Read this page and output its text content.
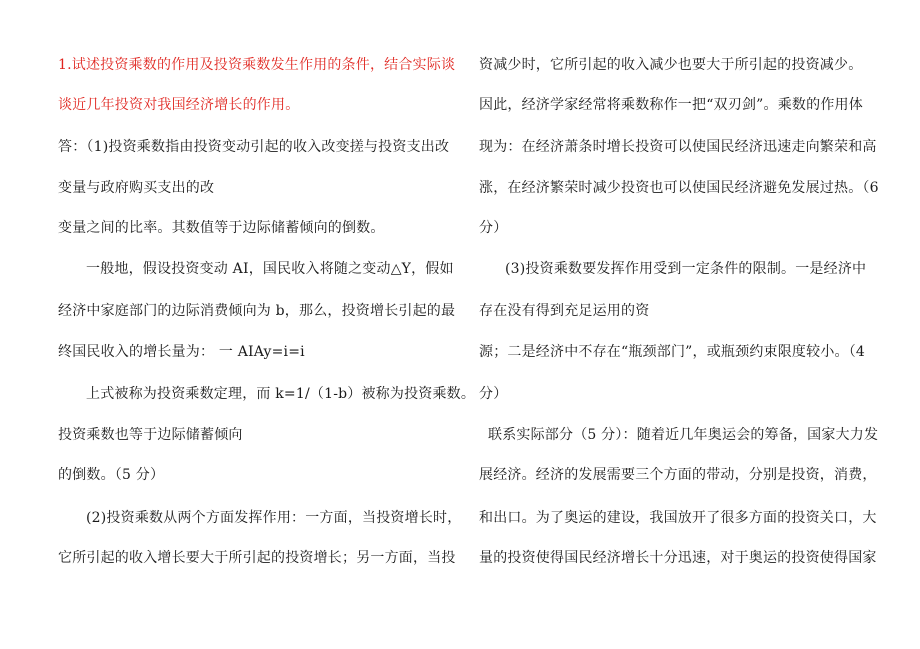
1.试述投资乘数的作用及投资乘数发生作用的条件，结合实际谈
谈近几年投资对我国经济增长的作用。
答：（1)投资乘数指由投资变动引起的收入改变搓与投资支出改
变量与政府购买支出的改
变量之间的比率。其数值等于边际储蓄倾向的倒数。
一般地，假设投资变动 AI，国民收入将随之变动△Y，假如
经济中家庭部门的边际消费倾向为 b，那么，投资增长引起的最
终国民收入的增长量为： 一 AIAy=i=i
上式被称为投资乘数定理，而 k=1/（1-b）被称为投资乘数。
投资乘数也等于边际储蓄倾向
的倒数。（5 分）
(2)投资乘数从两个方面发挥作用：一方面，当投资增长时，
它所引起的收入增长要大于所引起的投资增长；另一方面，当投
资减少时，它所引起的收入减少也要大于所引起的投资减少。
因此，经济学家经常将乘数称作一把“双刃剑”。乘数的作用体
现为：在经济萧条时增长投资可以使国民经济迅速走向繁荣和高
涨，在经济繁荣时减少投资也可以使国民经济避免发展过热。（6
分）
(3)投资乘数要发挥作用受到一定条件的限制。一是经济中
存在没有得到充足运用的资
源；二是经济中不存在“瓶颈部门”，或瓶颈约束限度较小。（4
分）
联系实际部分（5 分）：随着近几年奥运会的筹备，国家大力发
展经济。经济的发展需要三个方面的带动，分别是投资，消费，
和出口。为了奥运的建设，我国放开了很多方面的投资关口，大
量的投资使得国民经济增长十分迅速，对于奥运的投资使得国家
